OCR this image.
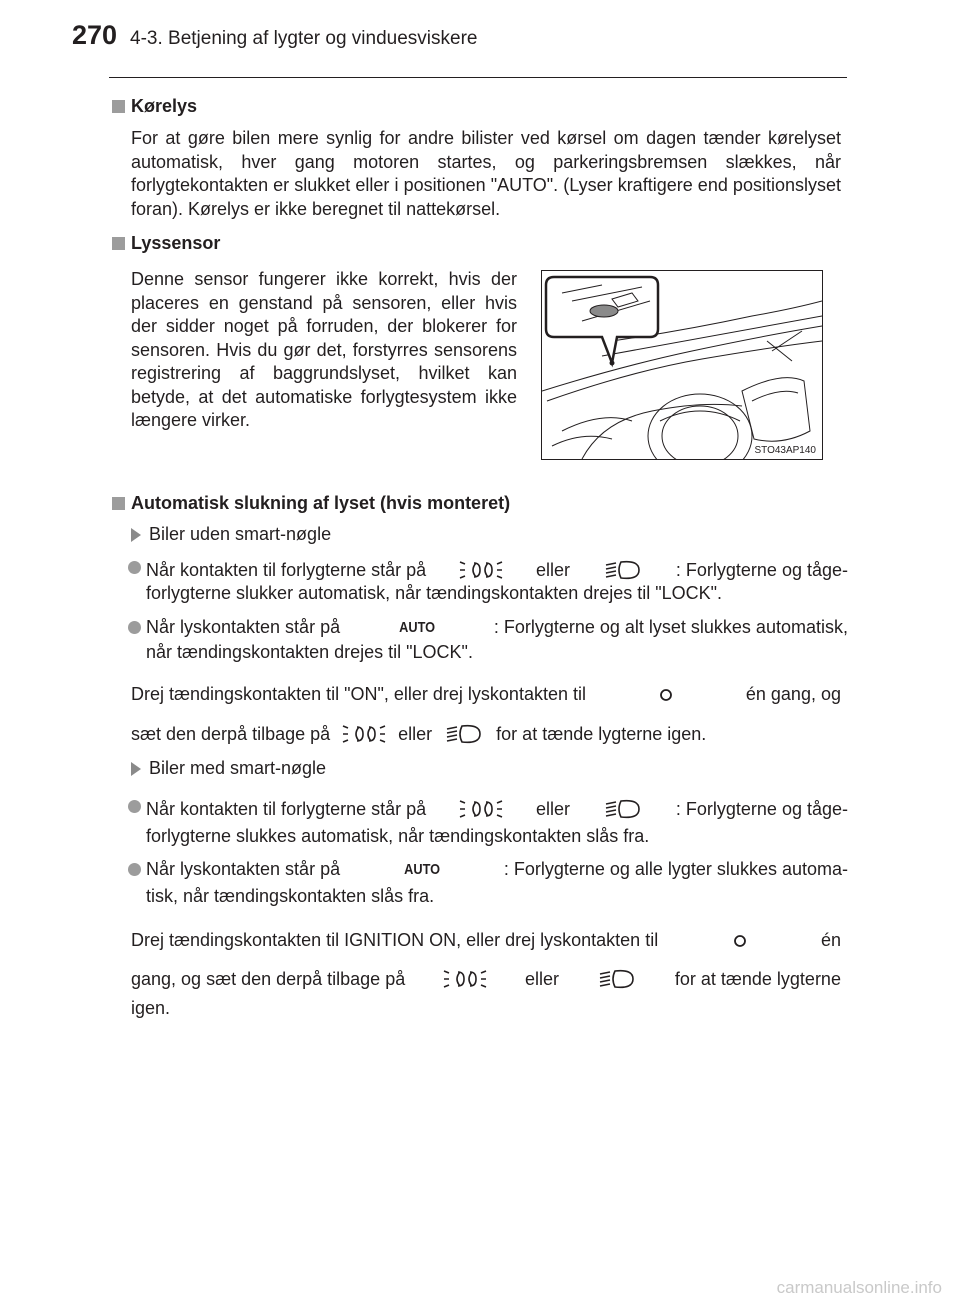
270 4-3. Betjening af lygter og vinduesviskere
Kørelys
For at gøre bilen mere synlig for andre bilister ved kørsel om dagen tænder kørelyset automatisk, hver gang motoren startes, og parkeringsbremsen slækkes, når forlygtekontakten er slukket eller i positionen "AUTO". (Lyser kraftigere end positionslyset foran). Kørelys er ikke beregnet til nattekørsel.
Lyssensor
Denne sensor fungerer ikke korrekt, hvis der placeres en genstand på sensoren, eller hvis der sidder noget på forruden, der blokerer for sensoren. Hvis du gør det, forstyrres sensorens registrering af baggrundslyset, hvilket kan betyde, at det automatiske forlygtesystem ikke længere virker.
STO43AP140
Automatisk slukning af lyset (hvis monteret)
Biler uden smart-nøgle
Når kontakten til forlygterne står på	eller	: Forlygterne og tåge-
forlygterne slukker automatisk, når tændingskontakten drejes til "LOCK".
Når lyskontakten står på	AUTO	: Forlygterne og alt lyset slukkes automatisk,
når tændingskontakten drejes til "LOCK".
Drej tændingskontakten til "ON", eller drej lyskontakten til	én gang, og
sæt den derpå tilbage på	eller	for at tænde lygterne igen.
Biler med smart-nøgle
Når kontakten til forlygterne står på	eller	: Forlygterne og tåge-
forlygterne slukkes automatisk, når tændingskontakten slås fra.
Når lyskontakten står på	AUTO	: Forlygterne og alle lygter slukkes automa-
tisk, når tændingskontakten slås fra.
Drej tændingskontakten til IGNITION ON, eller drej lyskontakten til	én
gang, og sæt den derpå tilbage på	eller	for at tænde lygterne
igen.
carmanualsonline.info
